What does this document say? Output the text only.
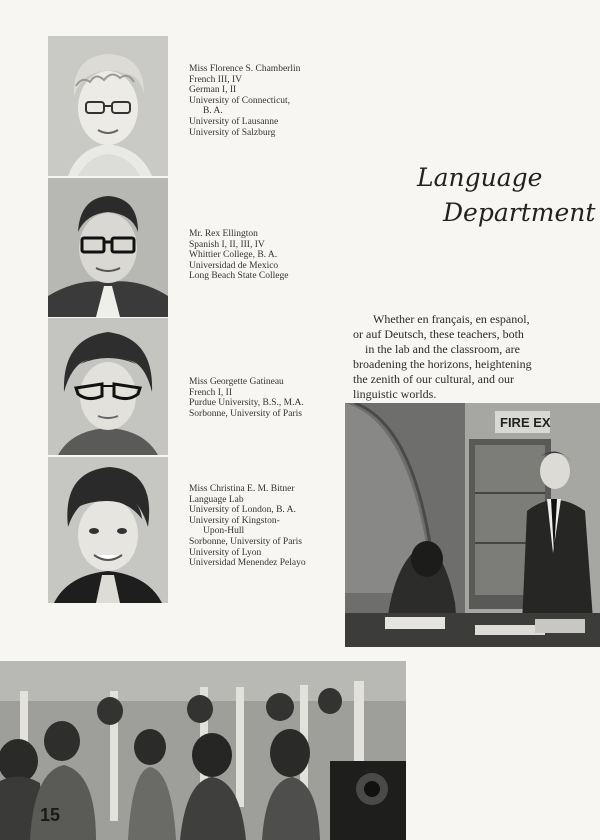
Miss Florence S. Chamberlin
French III, IV
German I, II
University of Connecticut,
B. A.
University of Lausanne
University of Salzburg
Mr. Rex Ellington
Spanish I, II, III, IV
Whittier College, B. A.
Universidad de Mexico
Long Beach State College
Miss Georgette Gatineau
French I, II
Purdue University, B.S., M.A.
Sorbonne, University of Paris
Miss Christina E. M. Bitner
Language Lab
University of London, B. A.
University of Kingston-
Upon-Hull
Sorbonne, University of Paris
University of Lyon
Universidad Menendez Pelayo
Language
Department
Whether en français, en espanol,
or auf Deutsch, these teachers, both
in the lab and the classroom, are
broadening the horizons, heightening
the zenith of our cultural, and our
linguistic worlds.
FIRE EX
15
